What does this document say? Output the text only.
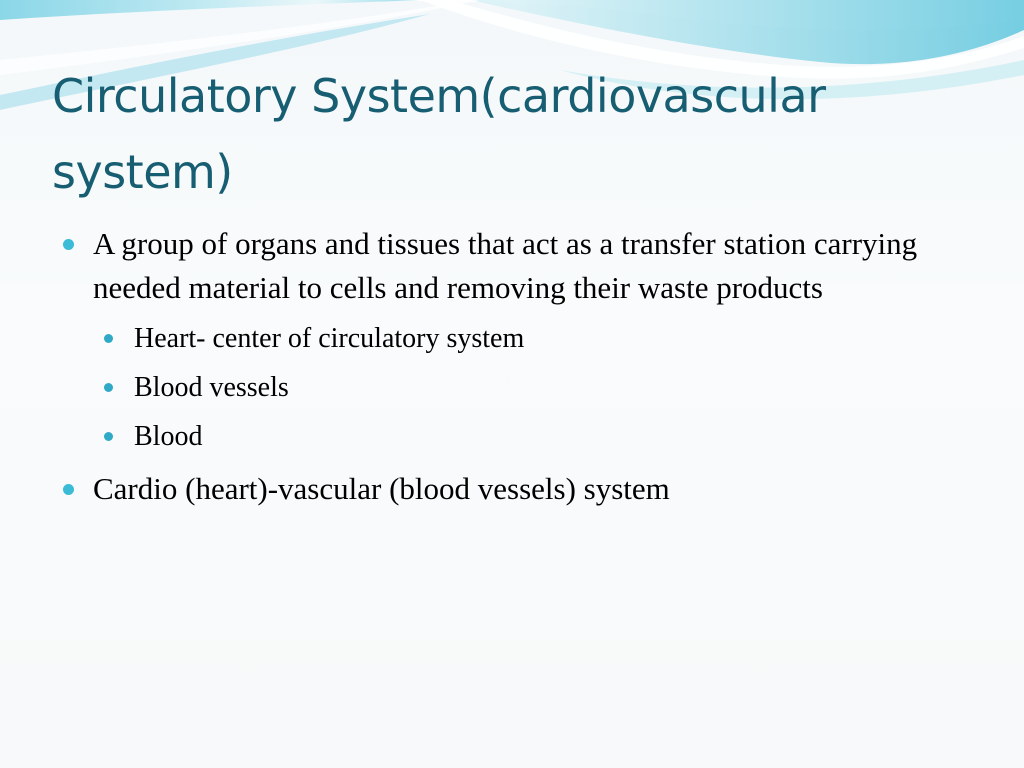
Circulatory System(cardiovascular system)
A group of organs and tissues that act as a transfer station carrying needed material to cells and removing their waste products
Heart- center of circulatory system
Blood vessels
Blood
Cardio (heart)-vascular (blood vessels) system
